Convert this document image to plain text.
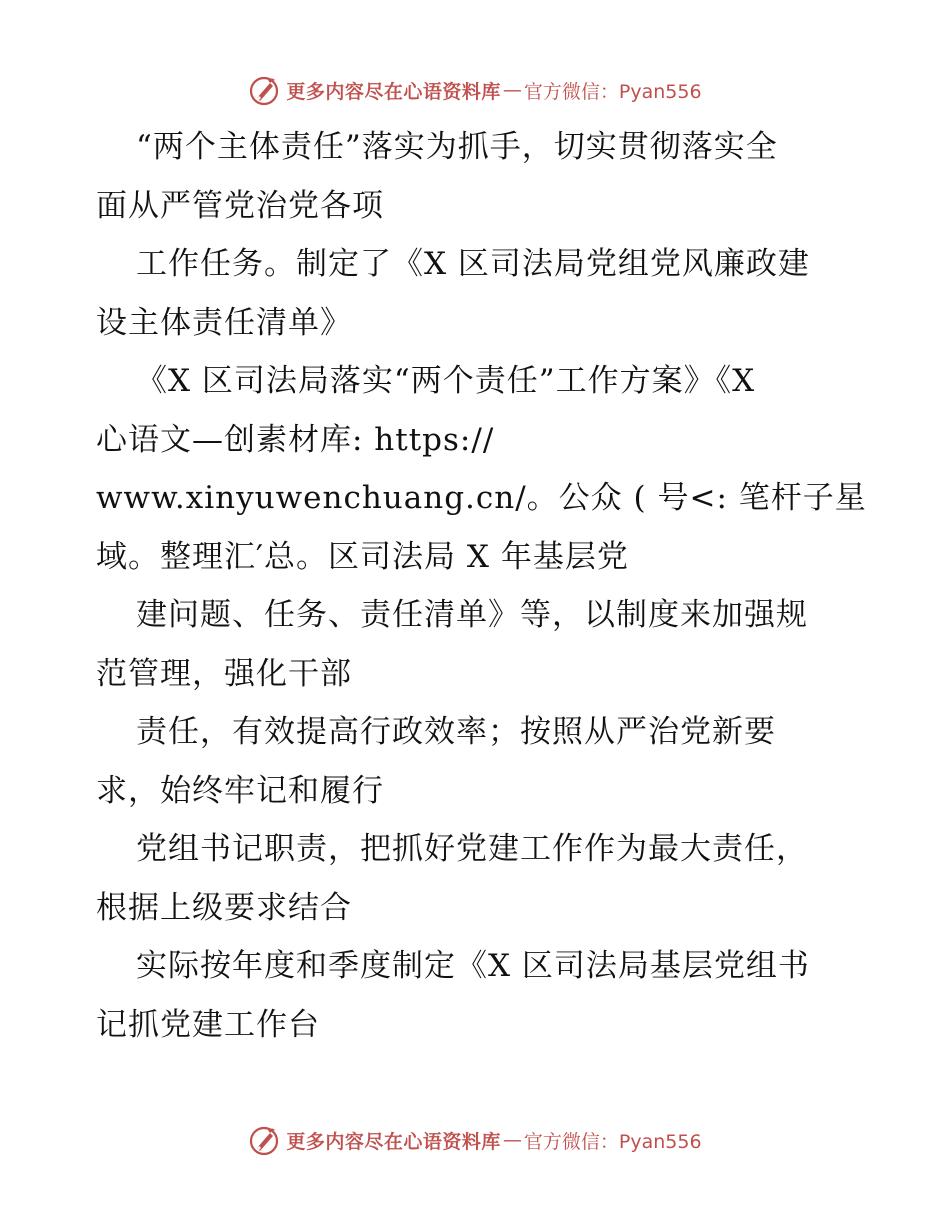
更多内容尽在心语资料库 — 官方微信：Pyan556
“两个主体责任”落实为抓手，切实贯彻落实全
面从严管党治党各项
工作任务。制定了《X 区司法局党组党风廉政建
设主体责任清单》
《X 区司法局落实“两个责任”工作方案》《X
心语文—创素材库: https://
www.xinyuwenchuang.cn/。公众 ( 号<: 笔杆子星
域。整理汇′总。区司法局 X 年基层党
建问题、任务、责任清单》等，以制度来加强规
范管理，强化干部
责任，有效提高行政效率；按照从严治党新要
求，始终牢记和履行
党组书记职责，把抓好党建工作作为最大责任，
根据上级要求结合
实际按年度和季度制定《X 区司法局基层党组书
记抓党建工作台
更多内容尽在心语资料库 — 官方微信：Pyan556
